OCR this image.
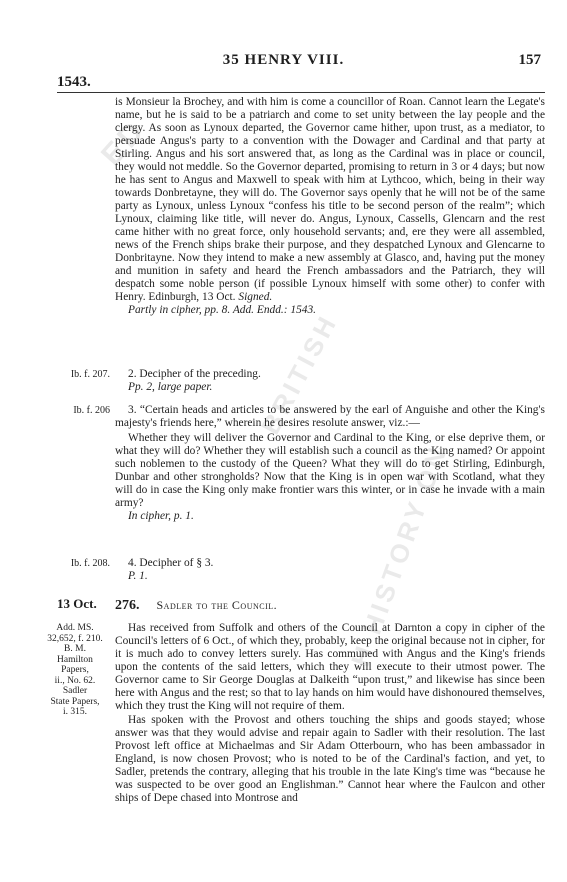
ED
BRITISH
H HISTORY ON
35 HENRY VIII.	157
1543.

is Monsieur la Brochey, and with him is come a councillor of Roan. Cannot learn the Legate's name, but he is said to be a patriarch and come to set unity between the lay people and the clergy. As soon as Lynoux departed, the Governor came hither, upon trust, as a mediator, to persuade Angus's party to a convention with the Dowager and Cardinal and that party at Stirling. Angus and his sort answered that, as long as the Cardinal was in place or council, they would not meddle. So the Governor departed, promising to return in 3 or 4 days; but now he has sent to Angus and Maxwell to speak with him at Lythcoo, which, being in their way towards Donbretayne, they will do. The Governor says openly that he will not be of the same party as Lynoux, unless Lynoux “confess his title to be second person of the realm”; which Lynoux, claiming like title, will never do. Angus, Lynoux, Cassells, Glencarn and the rest came hither with no great force, only household servants; and, ere they were all assembled, news of the French ships brake their purpose, and they despatched Lynoux and Glencarne to Donbritayne. Now they intend to make a new assembly at Glasco, and, having put the money and munition in safety and heard the French ambassadors and the Patriarch, they will despatch some noble person (if possible Lynoux himself with some other) to confer with Henry. Edinburgh, 13 Oct. Signed.

Partly in cipher, pp. 8. Add. Endd.: 1543.

Ib. f. 207.	2. Decipher of the preceding.

Pp. 2, large paper.

Ib. f. 206	3. “Certain heads and articles to be answered by the earl of Anguishe and other the King's majesty's friends here,” wherein he desires resolute answer, viz.:—

Whether they will deliver the Governor and Cardinal to the King, or else deprive them, or what they will do? Whether they will establish such a council as the King named? Or appoint such noblemen to the custody of the Queen? What they will do to get Stirling, Edinburgh, Dunbar and other strongholds? Now that the King is in open war with Scotland, what they will do in case the King only make frontier wars this winter, or in case he invade with a main army?

In cipher, p. 1.

Ib. f. 208.	4. Decipher of § 3.

P. 1.

13 Oct.	276. Sadler to the Council.
Add. MS.
32,652, f. 210.
B. M.
Hamilton
Papers,
ii., No. 62.
Sadler
State Papers,
i. 315.

Has received from Suffolk and others of the Council at Darnton a copy in cipher of the Council's letters of 6 Oct., of which they, probably, keep the original because not in cipher, for it is much ado to convey letters surely. Has communed with Angus and the King's friends upon the contents of the said letters, which they will execute to their utmost power. The Governor came to Sir George Douglas at Dalkeith “upon trust,” and likewise has since been here with Angus and the rest; so that to lay hands on him would have dishonoured themselves, which they trust the King will not require of them.

Has spoken with the Provost and others touching the ships and goods stayed; whose answer was that they would advise and repair again to Sadler with their resolution. The last Provost left office at Michaelmas and Sir Adam Otterbourn, who has been ambassador in England, is now chosen Provost; who is noted to be of the Cardinal's faction, and yet, to Sadler, pretends the contrary, alleging that his trouble in the late King's time was “because he was suspected to be over good an Englishman.” Cannot hear where the Faulcon and other ships of Depe chased into Montrose and
